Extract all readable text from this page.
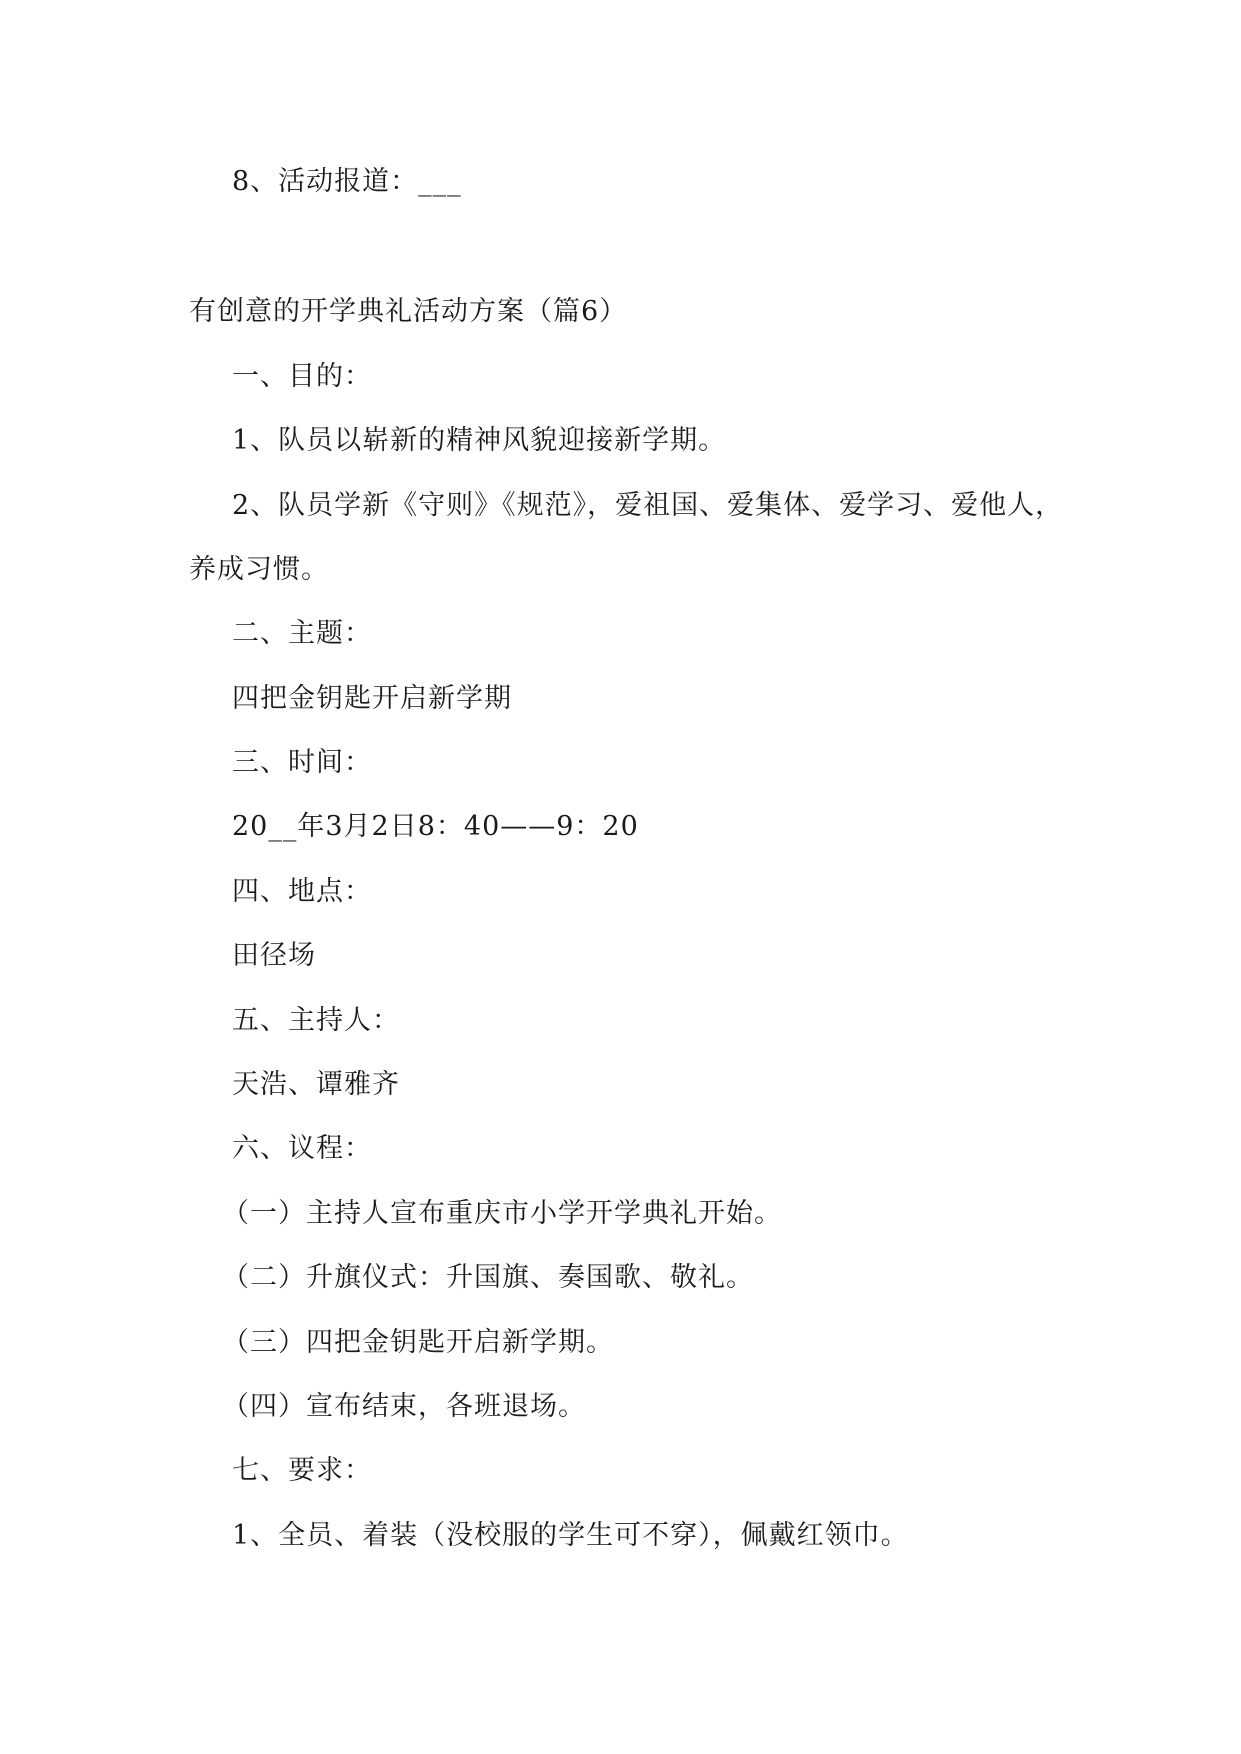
8、活动报道：___
有创意的开学典礼活动方案（篇6）
一、目的：
1、队员以崭新的精神风貌迎接新学期。
2、队员学新《守则》《规范》，爱祖国、爱集体、爱学习、爱他人，
养成习惯。
二、主题：
四把金钥匙开启新学期
三、时间：
20__年3月2日8：40——9：20
四、地点：
田径场
五、主持人：
天浩、谭雅齐
六、议程：
（一）主持人宣布重庆市小学开学典礼开始。
（二）升旗仪式：升国旗、奏国歌、敬礼。
（三）四把金钥匙开启新学期。
（四）宣布结束，各班退场。
七、要求：
1、全员、着装（没校服的学生可不穿），佩戴红领巾。
